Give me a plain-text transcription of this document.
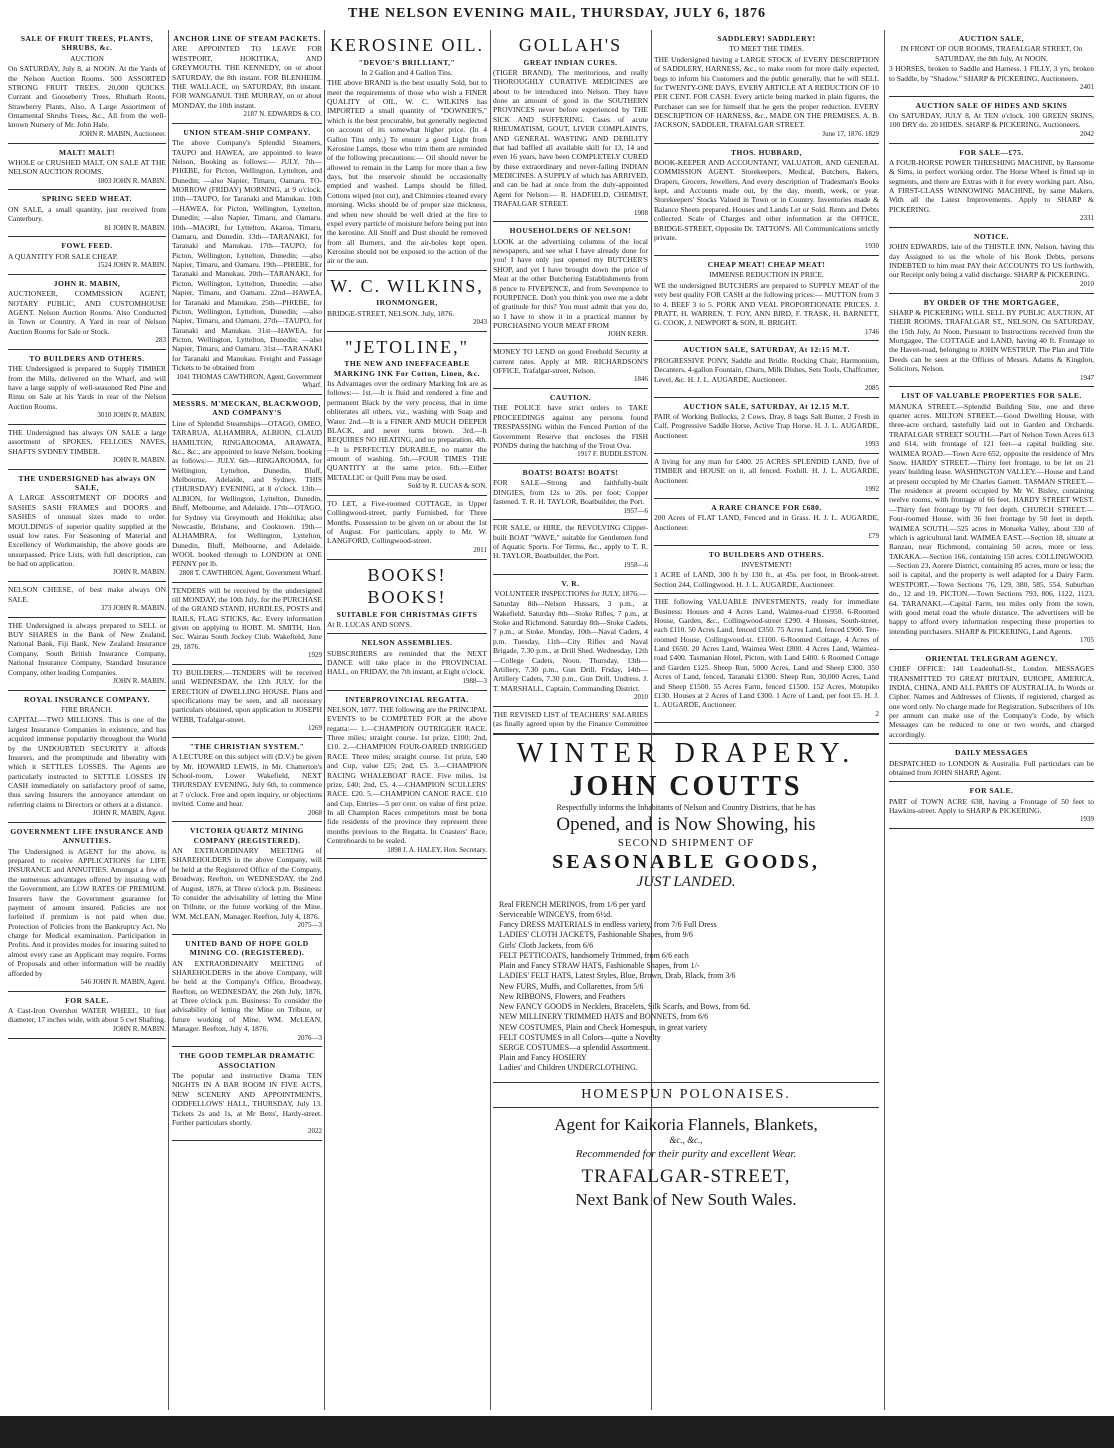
THE NELSON EVENING MAIL, THURSDAY, JULY 6, 1876
SALE OF FRUIT TREES, PLANTS, SHRUBS, &c.
AUCTION

On SATURDAY, July 8, at NOON. At the Yards of the Nelson Auction Rooms. 500 ASSORTED STRONG FRUIT TREES. 20,000 QUICKS. Currant and Gooseberry Trees, Rhubarb Roots, Strawberry Plants, Also, A Large Assortment of Ornamental Shrubs Trees, &c., All from the well-known Nursery of Mr. John Hale.

JOHN R. MABIN, Auctioneer.
MALT! MALT!

WHOLE or CRUSHED MALT, ON SALE AT THE NELSON AUCTION ROOMS.

1803 JOHN R. MABIN.
SPRING SEED WHEAT.

ON SALE, a small quantity, just received from Canterbury.

81 JOHN R. MABIN.
FOWL FEED.

A QUANTITY FOR SALE CHEAP.

1524 JOHN R. MABIN.
JOHN R. MABIN,

AUCTIONEER, COMMISSION AGENT, NOTARY PUBLIC, AND CUSTOMHOUSE AGENT. Nelson Auction Rooms. Also Conducted in Town or Country. A Yard in rear of Nelson Auction Rooms for Sale or Stock.

283
TO BUILDERS AND OTHERS.

THE Undersigned is prepared to Supply TIMBER from the Mills, delivered on the Wharf, and will have a large supply of well-seasoned Red Pine and Rimu on Sale at his Yards in rear of the Nelson Auction Rooms.

3010 JOHN R. MABIN.

THE Undersigned has always ON SALE a large assortment of SPOKES, FELLOES NAVES, SHAFTS SYDNEY TIMBER.

JOHN R. MABIN.
THE UNDERSIGNED has always ON SALE,

A LARGE ASSORTMENT OF DOORS and SASHES SASH FRAMES and DOORS and SASHES of unusual sizes made to order. MOULDINGS of superior quality supplied at the usual low rates. For Seasoning of Material and Excellency of Workmanship, the above goods are unsurpassed. Price Lists, with full description, can be had on application.

JOHN R. MABIN.

NELSON CHEESE, of best make always ON SALE.

373 JOHN R. MABIN.

THE Undersigned is always prepared to SELL or BUY SHARES in the Bank of New Zealand, National Bank, Fiji Bank, New Zealand Insurance Company, South British Insurance Company, National Insurance Company, Standard Insurance Company, other leading Companies.

JOHN R. MABIN.
ROYAL INSURANCE COMPANY.
FIRE BRANCH.

CAPITAL—TWO MILLIONS. This is one of the largest Insurance Companies in existence, and has acquired immense popularity throughout the World by the UNDOUBTED SECURITY it affords Insurers, and the promptitude and liberality with which it SETTLES LOSSES. The Agents are particularly instructed to SETTLE LOSSES IN CASH immediately on satisfactory proof of same, thus saving Insurers the annoyance attendant on referring claims to Directors or others at a distance.

JOHN R. MABIN, Agent.
GOVERNMENT LIFE INSURANCE AND ANNUITIES.

The Undersigned is AGENT for the above, is prepared to receive APPLICATIONS for LIFE INSURANCE and ANNUITIES. Amongst a few of the numerous advantages offered by insuring with the Government, are LOW RATES OF PREMIUM. Insurers have the Government guarantee for payment of amount insured. Policies are not forfeited if premium is not paid when due. Protection of Policies from the Bankruptcy Act. No charge for Medical examination. Participation in Profits. And it provides modes for insuring suited to almost every case an Applicant may require. Forms of Proposals and other information will be readily afforded by

546 JOHN R. MABIN, Agent.
FOR SALE.

A Cast-Iron Overshot WATER WHEEL, 10 feet diameter, 17 inches wide, with about 5 cwt Shafting.

JOHN R. MABIN.
ANCHOR LINE OF STEAM PACKETS.

ARE APPOINTED TO LEAVE FOR WESTPORT, HOKITIKA, AND GREYMOUTH. THE KENNEDY, on or about SATURDAY, the 8th instant. FOR BLENHEIM. THE WALLACE, on SATURDAY, 8th instant. FOR WANGANUI. THE MURRAY, on or about MONDAY, the 10th instant.

2187 N. EDWARDS & CO.
UNION STEAM-SHIP COMPANY.

The above Company's Splendid Steamers, TAUPO and HAWEA, are appointed to leave Nelson, Booking as follows:— JULY. 7th—PHŒBE, for Picton, Wellington, Lyttelton, and Dunedin; —also Napier, Timaru, Oamaru. TO-MORROW (FRIDAY) MORNING, at 9 o'clock. 10th—TAUPO, for Taranaki and Manukau. 10th—HAWEA, for Picton, Wellington, Lyttelton, Dunedin; —also Napier, Timaru, and Oamaru. 10th—MAORI, for Lyttelton, Akaroa, Timaru, Oamaru, and Dunedin. 13th—TARANAKI, for Taranaki and Manukau. 17th—TAUPO, for Picton, Wellington, Lyttelton, Dunedin; —also Napier, Timaru, and Oamaru. 19th—PHŒBE, for Taranaki and Manukau. 20th—TARANAKI, for Picton, Wellington, Lyttelton, Dunedin; —also Napier, Timaru, and Oamaru. 22nd—HAWEA, for Taranaki and Manukau. 25th—PHŒBE, for Picton, Wellington, Lyttelton, Dunedin; —also Napier, Timaru, and Oamaru. 27th—TAUPO, for Taranaki and Manukau. 31st—HAWEA, for Picton, Wellington, Lyttelton, Dunedin; —also Napier, Timaru, and Oamaru. 31st—TARANAKI for Taranaki and Manukau. Freight and Passage Tickets to be obtained from

1041 THOMAS CAWTHRON, Agent, Government Wharf.
MESSRS. M'MECKAN, BLACKWOOD, AND COMPANY'S

Line of Splendid Steamships—OTAGO, OMEO, TARARUA, ALHAMBRA, ALBION, CLAUD HAMILTON, RINGAROOMA, ARAWATA, &c., &c., are appointed to leave Nelson, booking as follows:— JULY. 6th—RINGAROOMA, for Wellington, Lyttelton, Dunedin, Bluff, Melbourne, Adelaide, and Sydney. THIS (THURSDAY) EVENING, at 8 o'clock. 13th—ALBION, for Wellington, Lyttelton, Dunedin, Bluff, Melbourne, and Adelaide. 17th—OTAGO, for Sydney via Greymouth and Hokitika; also Newcastle, Brisbane, and Cooktown. 19th—ALHAMBRA, for Wellington, Lyttelton, Dunedin, Bluff, Melbourne, and Adelaide. WOOL booked through to LONDON at ONE PENNY per lb.

2808 T. CAWTHRON, Agent, Government Wharf.

TENDERS will be received by the undersigned till MONDAY, the 10th July, for the PURCHASE of the GRAND STAND, HURDLES, POSTS and RAILS, FLAG STICKS, &c. Every information given on applying to ROBT. M. SMITH, Hon. Sec. Wairau South Jockey Club. Wakefield, June 29, 1876.

1929

TO BUILDERS.—TENDERS will be received until WEDNESDAY, the 12th JULY, for the ERECTION of DWELLING HOUSE. Plans and specifications may be seen, and all necessary particulars obtained, upon application to JOSEPH WEBB, Trafalgar-street.

1269
"THE CHRISTIAN SYSTEM."

A LECTURE on this subject will (D.V.) be given by Mr. HOWARD LEWIS, in Mr. Chatterton's School-room, Lower Wakefield, NEXT THURSDAY EVENING, July 6th, to commence at 7 o'clock. Free and open inquiry, or objections invited. Come and hear.

2068
VICTORIA QUARTZ MINING COMPANY (REGISTERED).

AN EXTRAORDINARY MEETING of SHAREHOLDERS in the above Company, will be held at the Registered Office of the Company, Broadway, Reefton, on WEDNESDAY, the 2nd of August, 1876, at Three o'clock p.m. Business: To consider the advisability of letting the Mine on Tribute, or the future working of the Mine. WM. McLEAN, Manager. Reefton, July 4, 1876.

2075—3
UNITED BAND OF HOPE GOLD MINING CO. (REGISTERED).

AN EXTRAORDINARY MEETING of SHAREHOLDERS in the above Company, will be held at the Company's Office, Broadway, Reefton, on WEDNESDAY, the 26th July, 1876, at Three o'clock p.m. Business: To consider the advisability of letting the Mine on Tribute, or future working of Mine. WM. McLEAN, Manager. Reefton, July 4, 1876.

2076—3
THE GOOD TEMPLAR DRAMATIC ASSOCIATION

The popular and instructive Drama TEN NIGHTS IN A BAR ROOM IN FIVE ACTS, NEW SCENERY AND APPOINTMENTS, ODDFELLOWS' HALL, THURSDAY, July 13. Tickets 2s and 1s, at Mr Betts', Hardy-street. Further particulars shortly.

2022
KEROSINE OIL.
"DEVOE'S BRILLIANT,"
In 2 Gallon and 4 Gallon Tins.

THE above BRAND is the best usually Sold, but to meet the requirements of those who wish a FINER QUALITY of OIL, W. C. WILKINS has IMPORTED a small quantity of "DOWNER'S," which is the best procurable, but generally neglected on account of its somewhat higher price. (In 4 Gallon Tins only.) To ensure a good Light from Kerosine Lamps, those who trim them are reminded of the following precautions:— Oil should never be allowed to remain in the Lamp for more than a few days, but the reservoir should be occasionally emptied and washed. Lamps should be filled, Cottons wiped (not cut), and Chimnies cleaned every morning. Wicks should be of proper size thickness, and when new should be well dried at the fire to expel every particle of moisture before being put into the kerosine. All Snuff and Dust should be removed from all Burners, and the air-holes kept open. Kerosine should not be exposed to the action of the air or the sun.

W. C. WILKINS,
IRONMONGER,

BRIDGE-STREET, NELSON. July, 1876.

2043
"JETOLINE,"
THE NEW AND INEFFACEABLE MARKING INK For Cotton, Linen, &c.

Its Advantages over the ordinary Marking Ink are as follows:— 1st.—It is fluid and rendered a fine and permanent Black by the very process, that in time obliterates all others, viz., washing with Soap and Water. 2nd.—It is a FINER AND MUCH DEEPER BLACK, and never turns brown. 3rd.—It REQUIRES NO HEATING, and no preparation. 4th.—It is PERFECTLY DURABLE, no matter the amount of washing. 5th.—FOUR TIMES THE QUANTITY at the same price. 6th.—Either METALLIC or Quill Pens may be used.

Sold by R. LUCAS & SON.

TO LET, a Five-roomed COTTAGE, in Upper Collingwood-street, partly Furnished, for Three Months. Possession to be given on or about the 1st of August. For particulars, apply to Mr. W. LANGFORD, Collingwood-street.

2011
BOOKS! BOOKS!
SUITABLE FOR CHRISTMAS GIFTS

At R. LUCAS AND SON'S.

NELSON ASSEMBLIES.

SUBSCRIBERS are reminded that the NEXT DANCE will take place in the PROVINCIAL HALL, on FRIDAY, the 7th instant, at Eight o'clock.

1988—3
INTERPROVINCIAL REGATTA.

NELSON, 1877. THE following are the PRINCIPAL EVENTS to be COMPETED FOR at the above regatta:— 1.—CHAMPION OUTRIGGER RACE. Three miles; straight course. 1st prize, £100; 2nd, £10. 2.—CHAMPION FOUR-OARED INRIGGED RACE. Three miles; straight course. 1st prize, £40 and Cup, value £25; 2nd, £5. 3.—CHAMPION RACING WHALEBOAT RACE. Five miles. 1st prize, £40; 2nd, £5. 4.—CHAMPION SCULLERS' RACE. £20. 5.—CHAMPION CANOE RACE. £10 and Cup. Entries—5 per cent. on value of first prize. In all Champion Races competitors must be bona fide residents of the province they represent three months previous to the Regatta. In Coasters' Race, Centreboards to be sealed.

1898 J. A. HALEY, Hon. Secretary.
GOLLAH'S
GREAT INDIAN CURES.

(TIGER BRAND). The meritorious, and really THOROUGHLY CURATIVE MEDICINES are about to be introduced into Nelson. They have done an amount of good in the SOUTHERN PROVINCES never before experienced by THE SICK AND SUFFERING. Cases of acute RHEUMATISM, GOUT, LIVER COMPLAINTS, AND GENERAL WASTING AND DEBILITY that had baffled all available skill for 13, 14 and even 16 years, have been COMPLETELY CURED by these extraordinary and never-failing INDIAN MEDICINES. A SUPPLY of which has ARRIVED, and can be had at once from the duly-appointed Agent for Nelson:— R. HADFIELD, CHEMIST, TRAFALGAR STREET.

1908
HOUSEHOLDERS OF NELSON!

LOOK at the advertising columns of the local newspapers, and see what I have already done for you! I have only just opened my BUTCHER'S SHOP, and yet I have brought down the price of Meat at the other Butchering Establishments from 8 pence to FIVEPENCE, and from Sevenpence to FOURPENCE. Don't you think you owe me a debt of gratitude for this? You must admit that you do, so I have to show it in a practical manner by PURCHASING YOUR MEAT FROM

JOHN KERR.

MONEY TO LEND on good Freehold Security at current rates. Apply at MR. RICHARDSON'S OFFICE, Trafalgar-street, Nelson.

1846
CAUTION.

THE POLICE have strict orders to TAKE PROCEEDINGS against any persons found TRESPASSING within the Fenced Portion of the Government Reserve that encloses the FISH PONDS during the hatching of the Trout Ova.

1917 F. BUDDLESTON.
BOATS! BOATS! BOATS!

FOR SALE—Strong and faithfully-built DINGIES, from 12s to 20s. per foot; Copper fastened. T. R. H. TAYLOR, Boatbuilder, the Port.

1957—6

FOR SALE, or HIRE, the REVOLVING Clipper-built BOAT "WAVE," suitable for Gentlemen fond of Aquatic Sports. For Terms, &c., apply to T. R. H. TAYLOR, Boatbuilder, the Port.

1958—6
V. R.
VOLUNTEER INSPECTIONS for JULY, 1876:—

Saturday 8th—Nelson Hussars, 3 p.m., at Wakefield. Saturday 8th—Stoke Rifles, 7 p.m., at Stoke and Richmond. Saturday 8th—Stoke Cadets, 7 p.m., at Stoke. Monday, 10th—Naval Cadets, 4 p.m. Tuesday, 11th—City Rifles and Naval Brigade, 7.30 p.m., at Drill Shed. Wednesday, 12th—College Cadets, Noon. Thursday, 13th—Artillery, 7.30 p.m., Gun Drill. Friday, 14th—Artillery Cadets, 7.30 p.m., Gun Drill. Undress. J. T. MARSHALL, Captain, Commanding District.

2010

THE REVISED LIST of TEACHERS' SALARIES (as finally agreed upon by the Finance Committee

AUCTION SALE,
IN FRONT OF OUR ROOMS, TRAFALGAR STREET, On SATURDAY, the 8th July, At NOON.

3 HORSES, broken to Saddle and Harness. 1 FILLY, 3 yrs, broken to Saddle, by "Shadow." SHARP & PICKERING, Auctioneers.

2401
AUCTION SALE OF HIDES AND SKINS

On SATURDAY, JULY 8, At TEN o'clock. 100 GREEN SKINS, 100 DRY do. 20 HIDES. SHARP & PICKERING, Auctioneers.

2042
FOR SALE—£75.

A FOUR-HORSE POWER THRESHING MACHINE, by Ransome & Sims, in perfect working order. The Horse Wheel is fitted up in segments, and there are Extras with it for every working part. Also, A FIRST-CLASS WINNOWING MACHINE, by same Makers, With all the Latest Improvements. Apply to SHARP & PICKERING.

2331
NOTICE.

JOHN EDWARDS, late of the THISTLE INN, Nelson, having this day Assigned to us the whole of his Book Debts, persons INDEBTED to him must PAY their ACCOUNTS TO US forthwith, our Receipt only being a valid discharge. SHARP & PICKERING.

2010
BY ORDER OF THE MORTGAGEE,

SHARP & PICKERING WILL SELL BY PUBLIC AUCTION, AT THEIR ROOMS, TRAFALGAR ST., NELSON, On SATURDAY, the 15th July, At Noon, Pursuant to Instructions received from the Mortgagee, The COTTAGE and LAND, having 40 ft. Frontage to the Haven-road, belonging to JOHN WESTRUP. The Plan and Title Deeds can be seen at the Offices of Messrs. Adams & Kingdon, Solicitors, Nelson.

1947
LIST OF VALUABLE PROPERTIES FOR SALE.

MANUKA STREET.—Splendid Building Site, one and three quarter acres. MILTON STREET.—Good Dwelling House, with three-acre orchard, tastefully laid out in Garden and Orchards. TRAFALGAR STREET SOUTH.—Part of Nelson Town Acres 613 and 614, with frontage of 121 feet—a capital building site. WAIMEA ROAD.—Town Acre 652, opposite the residence of Mrs Snow. HARDY STREET.—Thirty feet frontage, to be let on 21 years' building lease. WASHINGTON VALLEY.—House and Land at present occupied by Mr Charles Garnett. TASMAN STREET.—The residence at present occupied by Mr W. Bisley, containing twelve rooms, with frontage of 66 feet. HARDY STREET WEST.—Thirty feet frontage by 70 feet depth. CHURCH STREET.—Four-roomed House, with 36 feet frontage by 50 feet in depth. WAIMEA SOUTH.—525 acres in Motueka Valley, about 330 of which is agricultural land. WAIMEA EAST.—Section 18, situate at Ranzau, near Richmond, containing 50 acres, more or less. TAKAKA.—Section 166, containing 150 acres. COLLINGWOOD.—Section 23, Aorere District, containing 85 acres, more or less; the soil is capital, and the property is well adapted for a Dairy Farm. WESTPORT.—Town Sections '76, 129, 380, 585, 554. Suburban do., 12 and 19. PICTON.—Town Sections 793, 806, 1122, 1123, 64. TARANAKI.—Capital Farm, ten miles only from the town, with good metal road the whole distance. The advertisers will be happy to afford every information respecting these properties to intending purchasers. SHARP & PICKERING, Land Agents.

1705
ORIENTAL TELEGRAM AGENCY.

CHIEF OFFICE: 140 Leadenhall-St., London. MESSAGES TRANSMITTED TO GREAT BRITAIN, EUROPE, AMERICA, INDIA, CHINA, AND ALL PARTS OF AUSTRALIA, In Words or Cipher. Names and Addresses of Clients, if registered, charged as one word only. No charge made for Registration. Subscribers of 10s per annum can make use of the Company's Code, by which Messages can be reduced to one or two words, and charged accordingly.

DAILY MESSAGES

DESPATCHED to LONDON & Australia. Full particulars can be obtained from JOHN SHARP, Agent.

FOR SALE.

PART of TOWN ACRE 638, having a Frontage of 50 feet to Hawkins-street. Apply to SHARP & PICKERING.

1939
WINTER DRAPERY.
JOHN COUTTS
Respectfully informs the Inhabitants of Nelson and Country Districts, that he has
Opened, and is Now Showing, his
SECOND SHIPMENT OF
SEASONABLE GOODS,
JUST LANDED.
Real FRENCH MERINOS, from 1/6 per yard
Serviceable WINCEYS, from 6½d.
Fancy DRESS MATERIALS in endless variety, from 7/6 Full Dress
LADIES' CLOTH JACKETS, Fashionable Shapes, from 9/6
Girls' Cloth Jackets, from 6/6
FELT PETTICOATS, handsomely Trimmed, from 6/6 each
Plain and Fancy STRAW HATS, Fashionable Shapes, from 1/-
LADIES' FELT HATS, Latest Styles, Blue, Brown, Drab, Black, from 3/6
New FURS, Muffs, and Collarettes, from 5/6
New RIBBONS, Flowers, and Feathers
New FANCY GOODS in Necklets, Bracelets, Silk Scarfs, and Bows, from 6d.
NEW MILLINERY TRIMMED HATS and BONNETS, from 6/6
NEW COSTUMES, Plain and Check Homespun, in great variety
FELT COSTUMES in all Colors—quite a Novelty
SERGE COSTUMES—a splendid Assortment.
Plain and Fancy HOSIERY
Ladies' and Children UNDERCLOTHING.
HOMESPUN POLONAISES.
Agent for Kaikoria Flannels, Blankets,
&c., &c.,
Recommended for their purity and excellent Wear.
TRAFALGAR-STREET,
Next Bank of New South Wales.
SADDLERY! SADDLERY!
TO MEET THE TIMES.

THE Undersigned having a LARGE STOCK of EVERY DESCRIPTION of SADDLERY, HARNESS, &c., to make room for more daily expected, begs to inform his Customers and the public generally, that he will SELL for TWENTY-ONE DAYS, EVERY ARTICLE AT A REDUCTION OF 10 PER CENT. FOR CASH. Every article being marked in plain figures, the Purchaser can see for himself that he gets the proper reduction. EVERY DESCRIPTION OF HARNESS, &c., MADE ON THE PREMISES. A. B. JACKSON, SADDLER, TRAFALGAR STREET.

June 17, 1876. 1829
THOS. HUBBARD,

BOOK-KEEPER AND ACCOUNTANT, VALUATOR, AND GENERAL COMMISSION AGENT. Storekeepers, Medical, Butchers, Bakers, Drapers, Grocers, Jewellers, And every description of Tradesman's Books kept, and Accounts made out, by the day, month, week, or year. Storekeepers' Stocks Valued in Town or in Country. Inventories made & Balance Sheets prepared. Houses and Lands Let or Sold. Rents and Debts collected. Scale of Charges and other information at the OFFICE, BRIDGE-STREET, Opposite Dr. TATTON'S. All Communications strictly private.

1930
CHEAP MEAT! CHEAP MEAT!
IMMENSE REDUCTION IN PRICE.

WE the undersigned BUTCHERS are prepared to SUPPLY MEAT of the very best quality FOR CASH at the following prices:— MUTTON from 3 to 4. BEEF 3 to 5. PORK AND VEAL PROPORTIONATE PRICES. J. PRATT, H. WARREN, T. FOY, ANN BIRD, F. TRASK, H. BARNETT, G. COOK, J. NEWPORT & SON, R. BRIGHT.

1746
AUCTION SALE, SATURDAY, At 12:15 M.T.

PROGRESSIVE PONY, Saddle and Bridle. Rocking Chair, Harmonium, Decanters, 4-gallon Fountain, Churn, Milk Dishes, Sets Tools, Chaffcutter, Level, &c. H. J. L. AUGARDE, Auctioneer.

2085
AUCTION SALE, SATURDAY, At 12.15 M.T.

PAIR of Working Bullocks, 2 Cows, Dray, 8 bags Salt Butter, 2 Fresh in Calf, Progressive Saddle Horse, Active Trap Horse. H. J. L. AUGARDE, Auctioneer.

1993

A living for any man for £400. 25 ACRES SPLENDID LAND, five of TIMBER and HOUSE on it, all fenced. Foxhill. H. J. L. AUGARDE, Auctioneer.

1992
A RARE CHANCE FOR £680.

200 Acres of FLAT LAND, Fenced and in Grass. H. J. L. AUGARDE, Auctioneer.

£79
TO BUILDERS AND OTHERS.
INVESTMENT!

1 ACRE of LAND, 300 ft by 130 ft., at 45s. per foot, in Brook-street. Section 244, Collingwood. H. J. L. AUGARDE, Auctioneer.

THE following VALUABLE INVESTMENTS, ready for immediate Business: Houses and 4 Acres Land, Waimea-road £1950. 6-Roomed House, Garden, &c., Collingwood-street £290. 4 Houses, South-street, each £110. 50 Acres Land, fenced £350. 75 Acres Land, fenced £900. Ten-roomed House, Collingwood-st. £1100. 6-Roomed Cottage, 4 Acres of Land £650. 20 Acres Land, Waimea West £800. 4 Acres Land, Waimea-road £400. Tasmanian Hotel, Picton, with Land £400. 6 Roomed Cottage and Garden £125. Sheep Run, 5000 Acres, Land and Sheep £300. 350 Acres of Land, fenced, Taranaki £1300. Sheep Run, 30,000 Acres, Land and Sheep £1500. 55 Acres Farm, fenced £1500. 152 Acres, Motupiko £130. Houses at 2 Acres of Land £300. 1 Acre of Land, per foot £5. H. J. L. AUGARDE, Auctioneer.

2
